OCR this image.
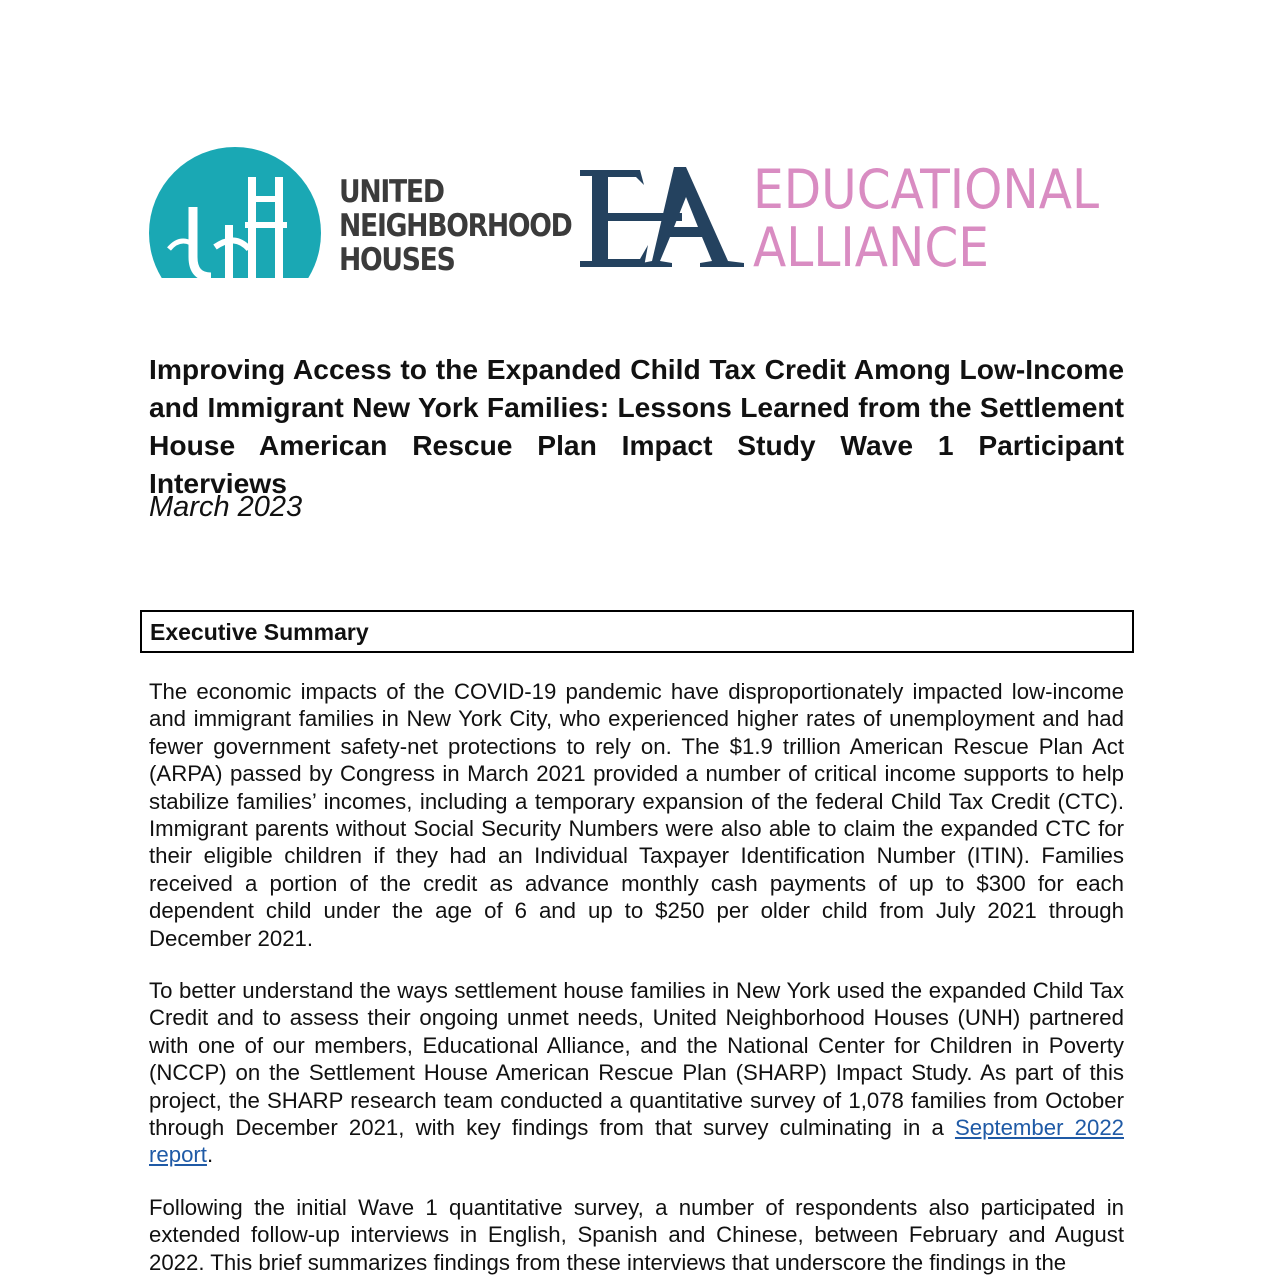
UNITED
NEIGHBORHOOD
HOUSES
EDUCATIONAL
ALLIANCE
Improving Access to the Expanded Child Tax Credit Among Low-Income and Immigrant New York Families: Lessons Learned from the Settlement House American Rescue Plan Impact Study Wave 1 Participant Interviews

March 2023

Executive Summary

The economic impacts of the COVID-19 pandemic have disproportionately impacted low-income and immigrant families in New York City, who experienced higher rates of unemployment and had fewer government safety-net protections to rely on. The $1.9 trillion American Rescue Plan Act (ARPA) passed by Congress in March 2021 provided a number of critical income supports to help stabilize families’ incomes, including a temporary expansion of the federal Child Tax Credit (CTC). Immigrant parents without Social Security Numbers were also able to claim the expanded CTC for their eligible children if they had an Individual Taxpayer Identification Number (ITIN). Families received a portion of the credit as advance monthly cash payments of up to $300 for each dependent child under the age of 6 and up to $250 per older child from July 2021 through December 2021.

To better understand the ways settlement house families in New York used the expanded Child Tax Credit and to assess their ongoing unmet needs, United Neighborhood Houses (UNH) partnered with one of our members, Educational Alliance, and the National Center for Children in Poverty (NCCP) on the Settlement House American Rescue Plan (SHARP) Impact Study. As part of this project, the SHARP research team conducted a quantitative survey of 1,078 families from October through December 2021, with key findings from that survey culminating in a September 2022 report.

Following the initial Wave 1 quantitative survey, a number of respondents also participated in extended follow-up interviews in English, Spanish and Chinese, between February and August 2022. This brief summarizes findings from these interviews that underscore the findings in the
